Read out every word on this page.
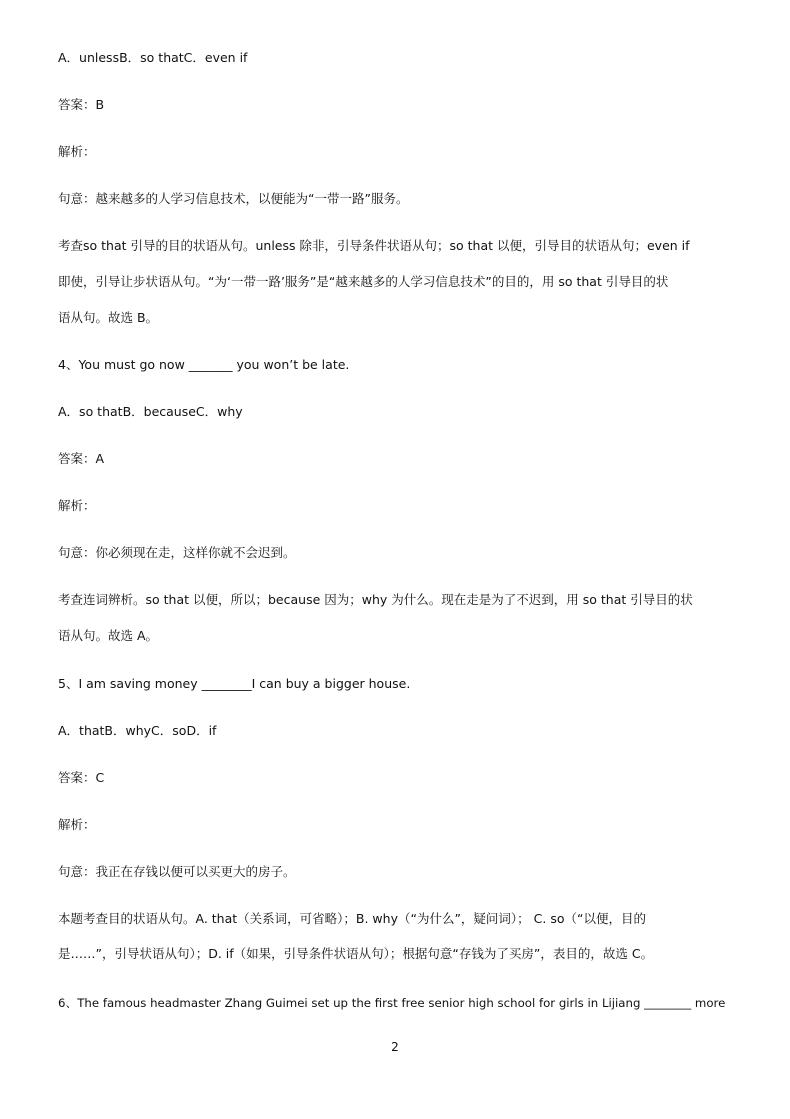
A．unlessB．so thatC．even if
答案：B
解析：
句意：越来越多的人学习信息技术，以便能为“一带一路”服务。
考查so that 引导的目的状语从句。unless 除非，引导条件状语从句；so that 以便，引导目的状语从句；even if
即使，引导让步状语从句。“为‘一带一路’服务”是“越来越多的人学习信息技术”的目的，用 so that 引导目的状
语从句。故选 B。
4、You must go now _______ you won’t be late.
A．so thatB．becauseC．why
答案：A
解析：
句意：你必须现在走，这样你就不会迟到。
考查连词辨析。so that 以便，所以；because 因为；why 为什么。现在走是为了不迟到，用 so that 引导目的状
语从句。故选 A。
5、I am saving money ________I can buy a bigger house.
A．thatB．whyC．soD．if
答案：C
解析：
句意：我正在存钱以便可以买更大的房子。
本题考查目的状语从句。A. that（关系词，可省略）；B. why（“为什么”，疑问词）； C. so（“以便，目的
是……”，引导状语从句）；D. if（如果，引导条件状语从句）；根据句意“存钱为了买房”，表目的，故选 C。
6、The famous headmaster Zhang Guimei set up the first free senior high school for girls in Lijiang ________ more
2
